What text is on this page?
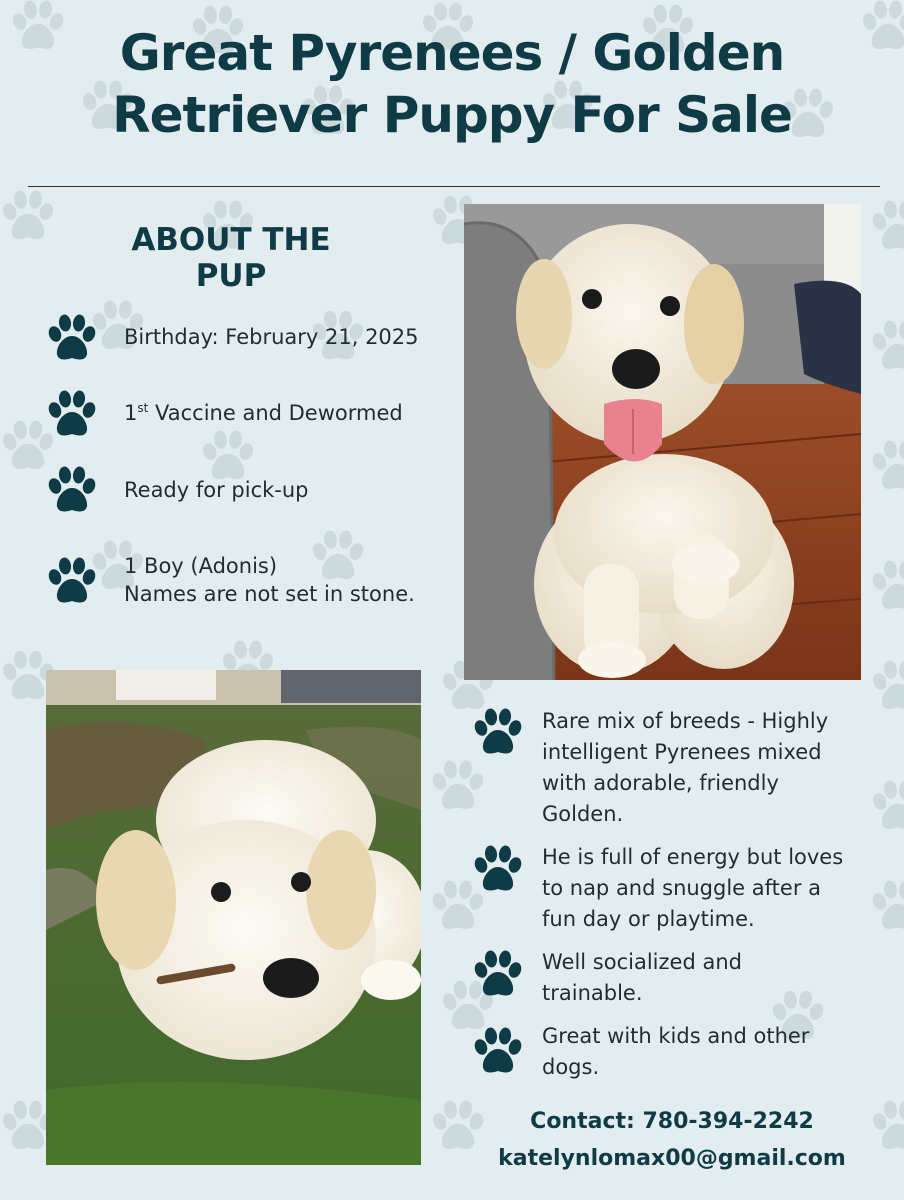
Great Pyrenees / Golden
Retriever Puppy For Sale
ABOUT THE
PUP
Birthday: February 21, 2025
1st Vaccine and Dewormed
Ready for pick-up
1 Boy (Adonis)
Names are not set in stone.
Rare mix of breeds - Highly
intelligent Pyrenees mixed
with adorable, friendly
Golden.
He is full of energy but loves
to nap and snuggle after a
fun day or playtime.
Well socialized and
trainable.
Great with kids and other
dogs.
Contact: 780-394-2242
katelynlomax00@gmail.com
